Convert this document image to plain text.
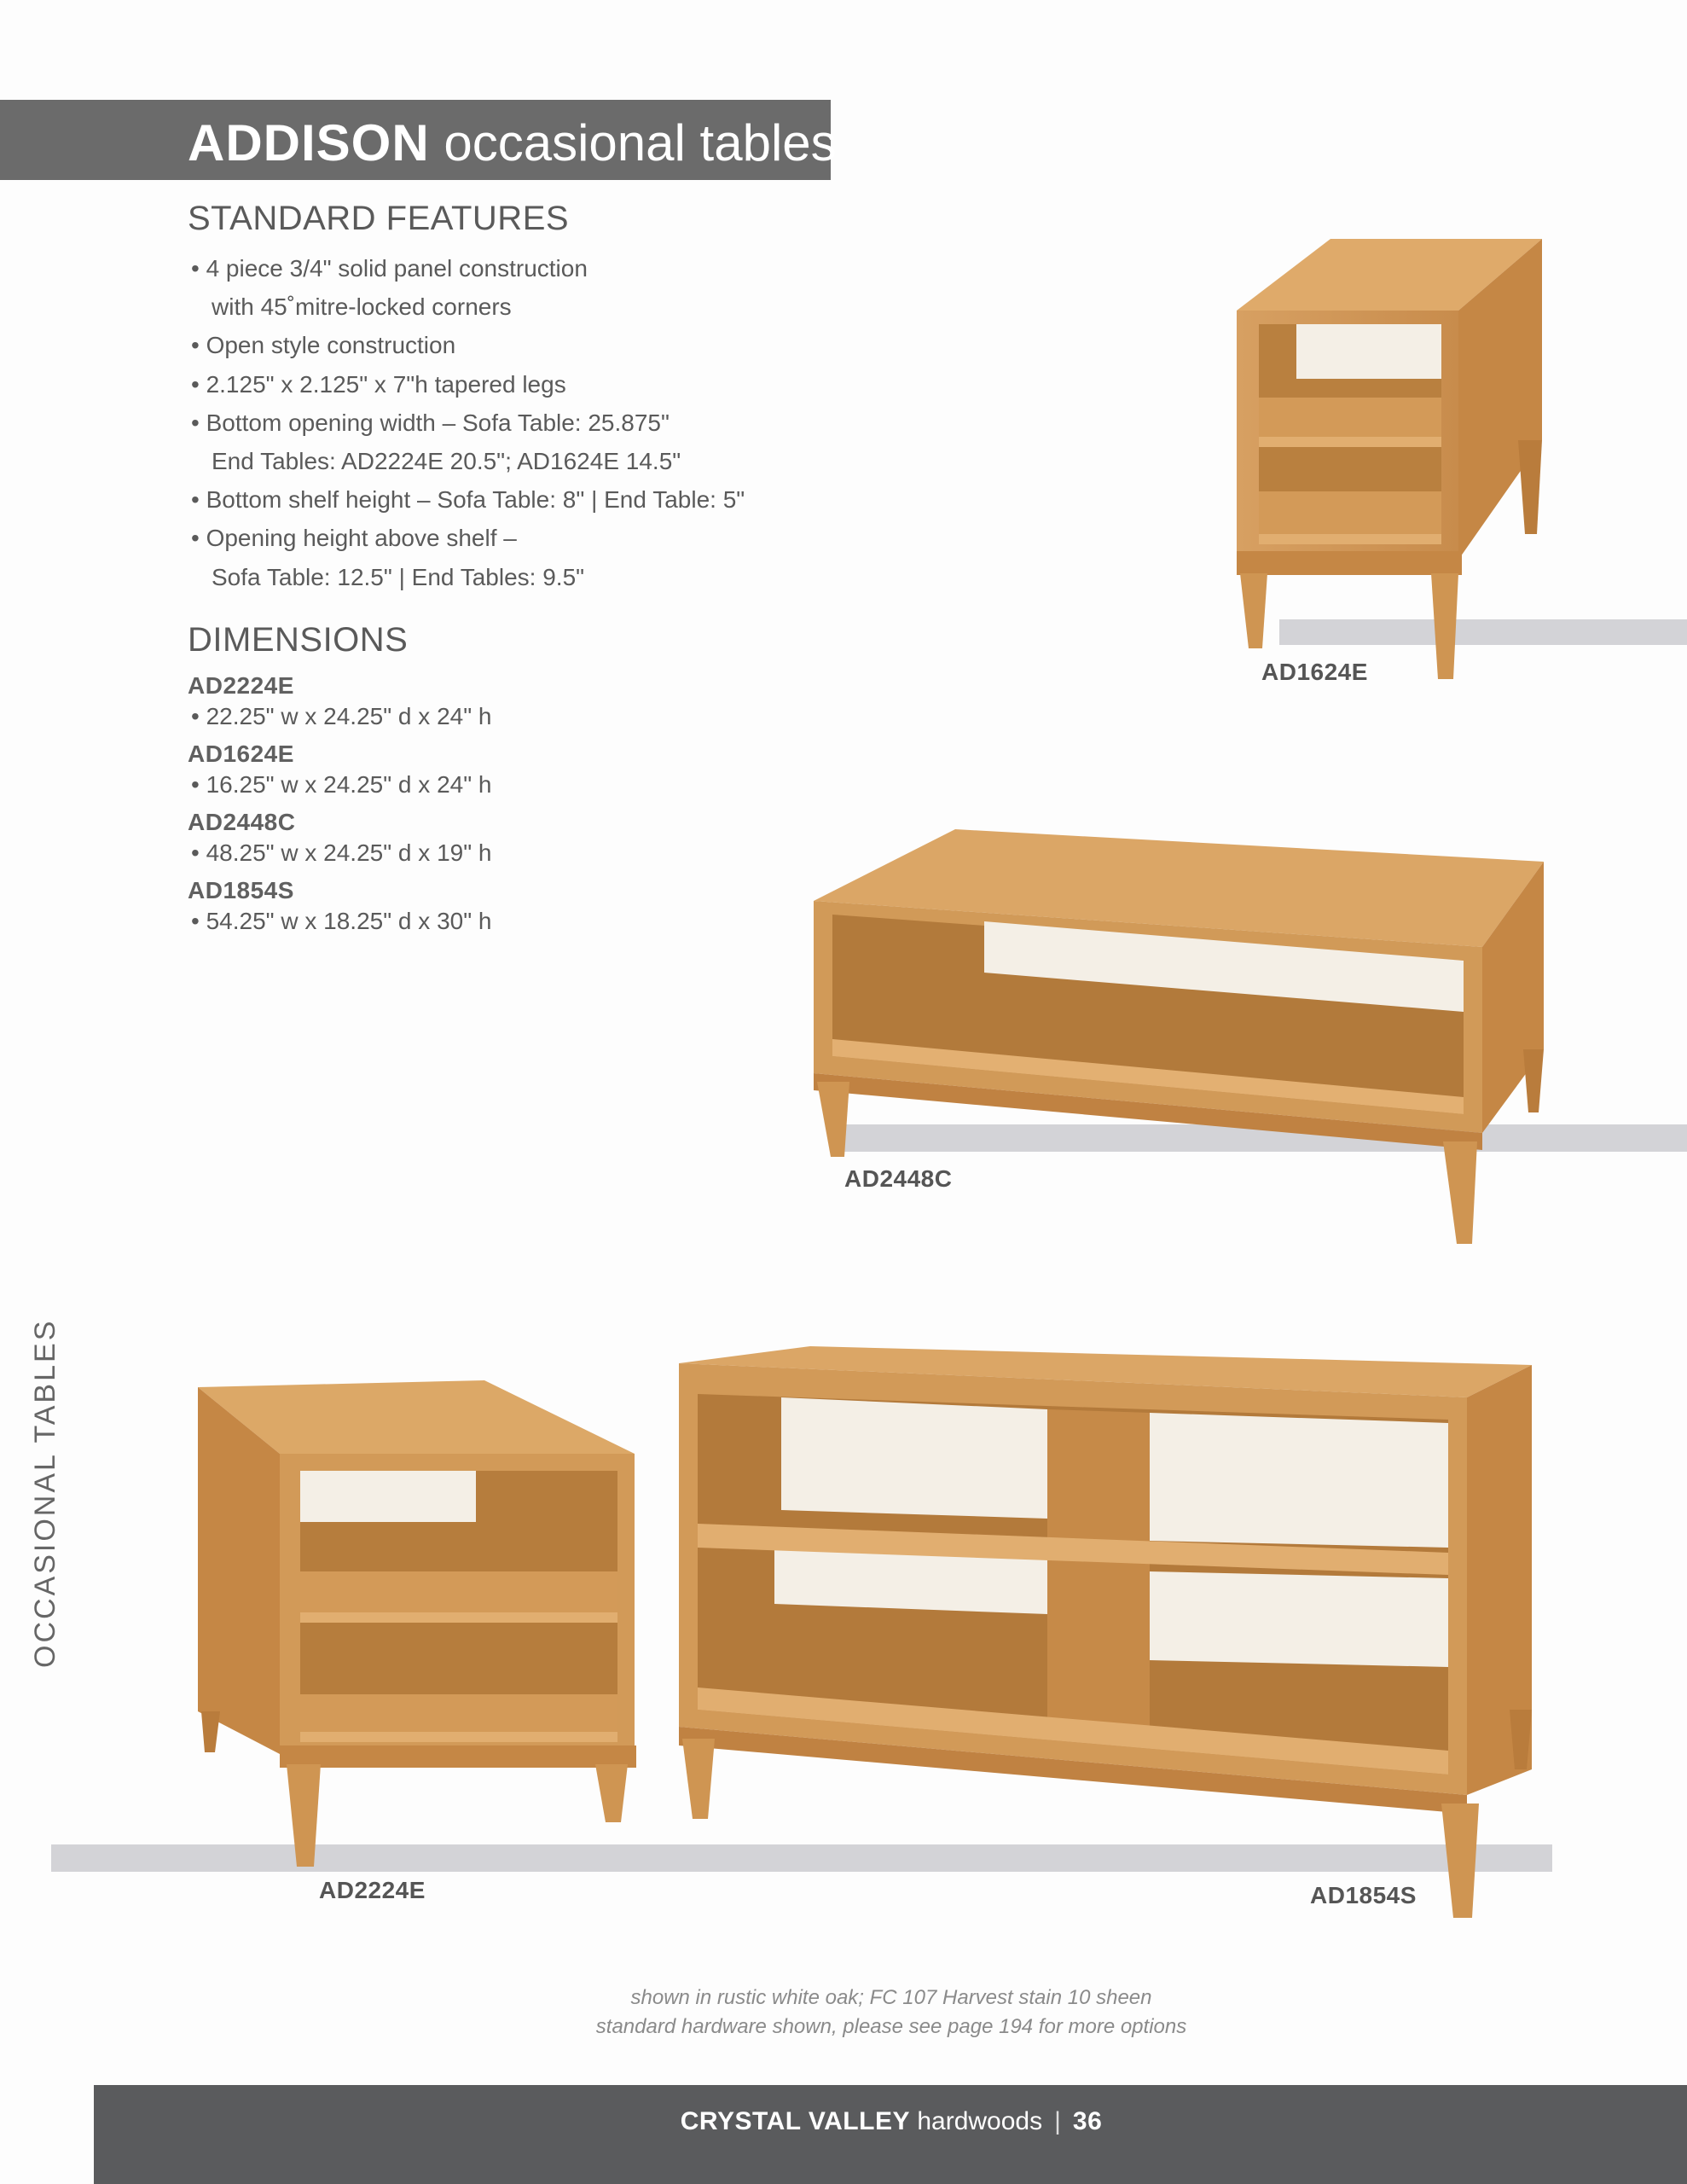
ADDISON occasional tables
STANDARD FEATURES
• 4 piece 3/4" solid panel construction
with 45˚mitre-locked corners
• Open style construction
• 2.125" x 2.125" x 7"h tapered legs
• Bottom opening width – Sofa Table: 25.875"
End Tables: AD2224E 20.5"; AD1624E 14.5"
• Bottom shelf height – Sofa Table: 8" | End Table: 5"
• Opening height above shelf –
Sofa Table: 12.5" | End Tables: 9.5"
DIMENSIONS
AD2224E
• 22.25" w x 24.25" d x 24" h
AD1624E
• 16.25" w x 24.25" d x 24" h
AD2448C
• 48.25" w x 24.25" d x 19" h
AD1854S
• 54.25" w x 18.25" d x 30" h
AD1624E
AD2448C
AD2224E	AD1854S
OCCASIONAL TABLES
shown in rustic white oak; FC 107 Harvest stain 10 sheen
standard hardware shown, please see page 194 for more options
CRYSTAL VALLEY hardwoods | 36
